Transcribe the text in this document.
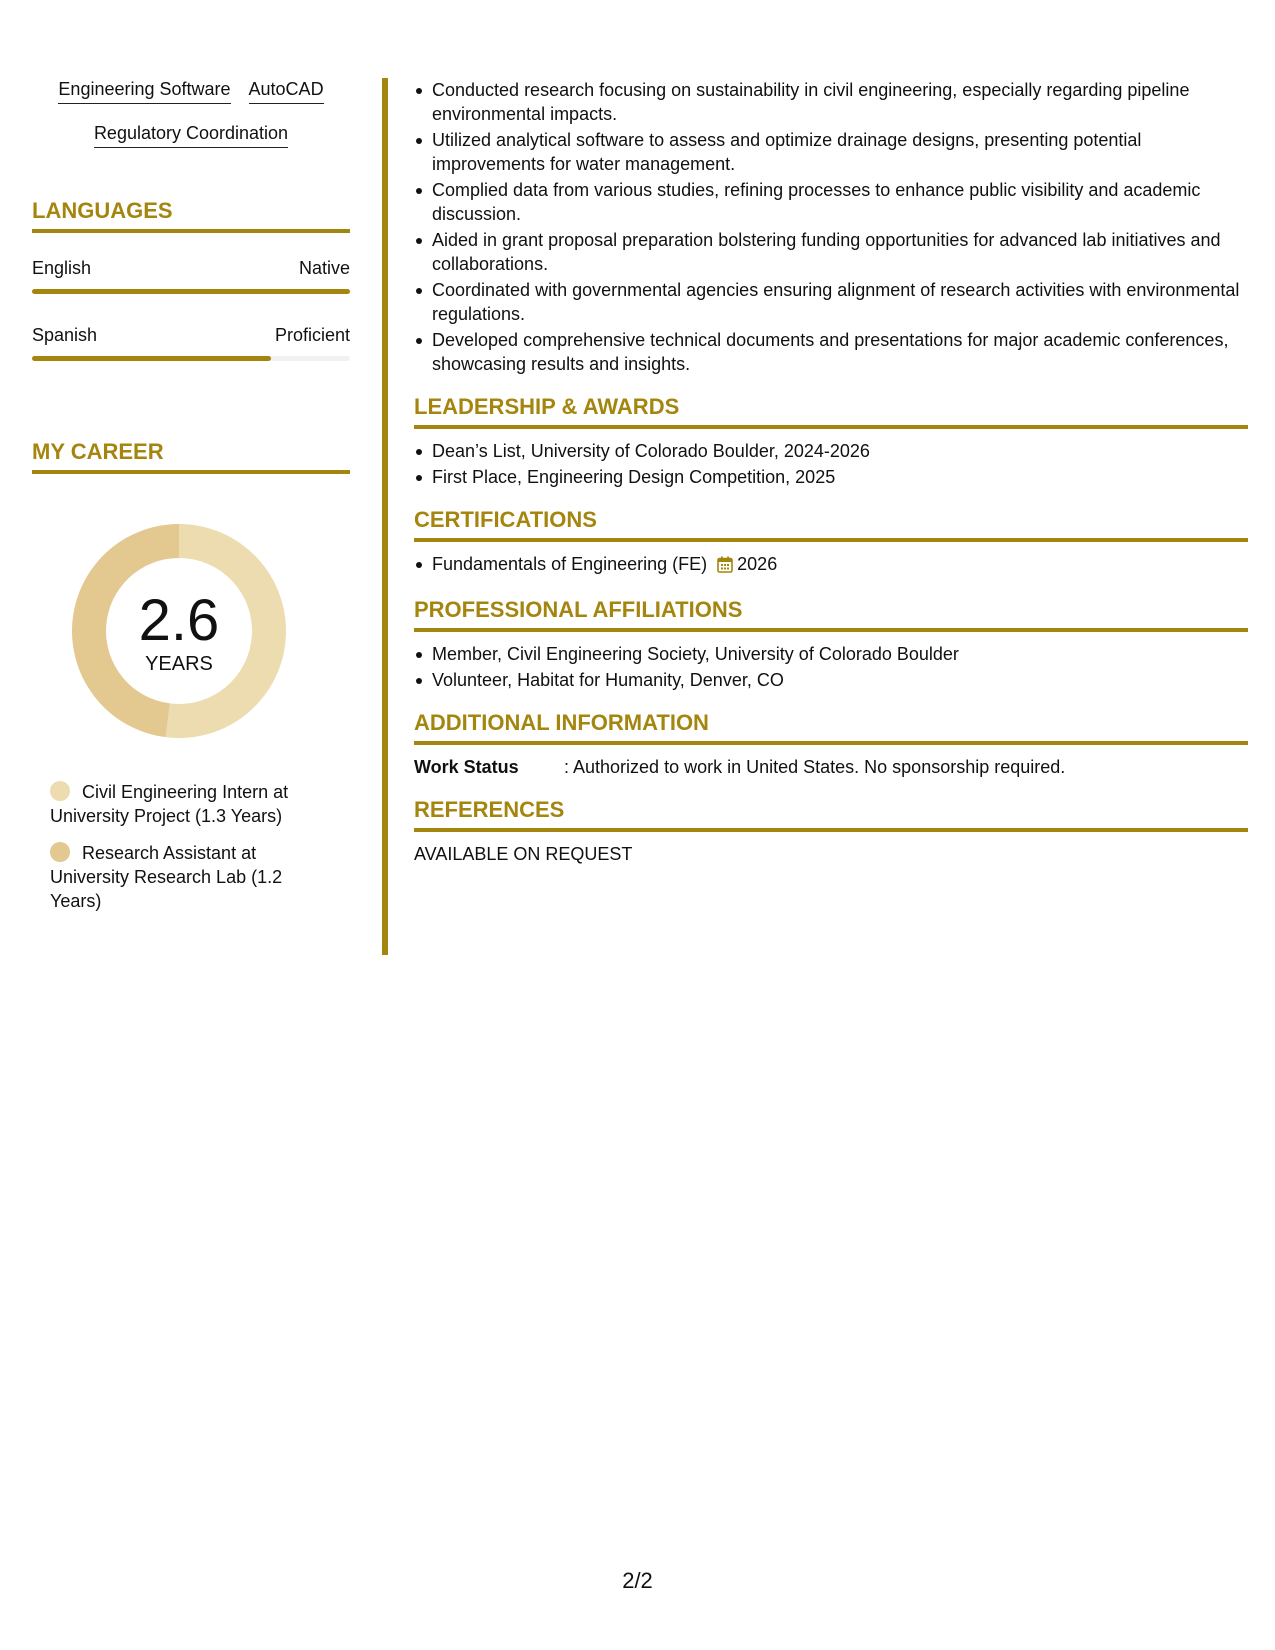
Engineering Software AutoCAD
Regulatory Coordination
LANGUAGES
English	Native
Spanish	Proficient
MY CAREER
2.6
YEARS
Civil Engineering Intern at University Project (1.3 Years)
Research Assistant at University Research Lab (1.2 Years)
Conducted research focusing on sustainability in civil engineering, especially regarding pipeline environmental impacts.
Utilized analytical software to assess and optimize drainage designs, presenting potential improvements for water management.
Complied data from various studies, refining processes to enhance public visibility and academic discussion.
Aided in grant proposal preparation bolstering funding opportunities for advanced lab initiatives and collaborations.
Coordinated with governmental agencies ensuring alignment of research activities with environmental regulations.
Developed comprehensive technical documents and presentations for major academic conferences, showcasing results and insights.
LEADERSHIP & AWARDS
Dean’s List, University of Colorado Boulder, 2024-2026
First Place, Engineering Design Competition, 2025
CERTIFICATIONS
Fundamentals of Engineering (FE) 2026
PROFESSIONAL AFFILIATIONS
Member, Civil Engineering Society, University of Colorado Boulder
Volunteer, Habitat for Humanity, Denver, CO
ADDITIONAL INFORMATION
Work Status	: Authorized to work in United States. No sponsorship required.
REFERENCES
AVAILABLE ON REQUEST
2/2
